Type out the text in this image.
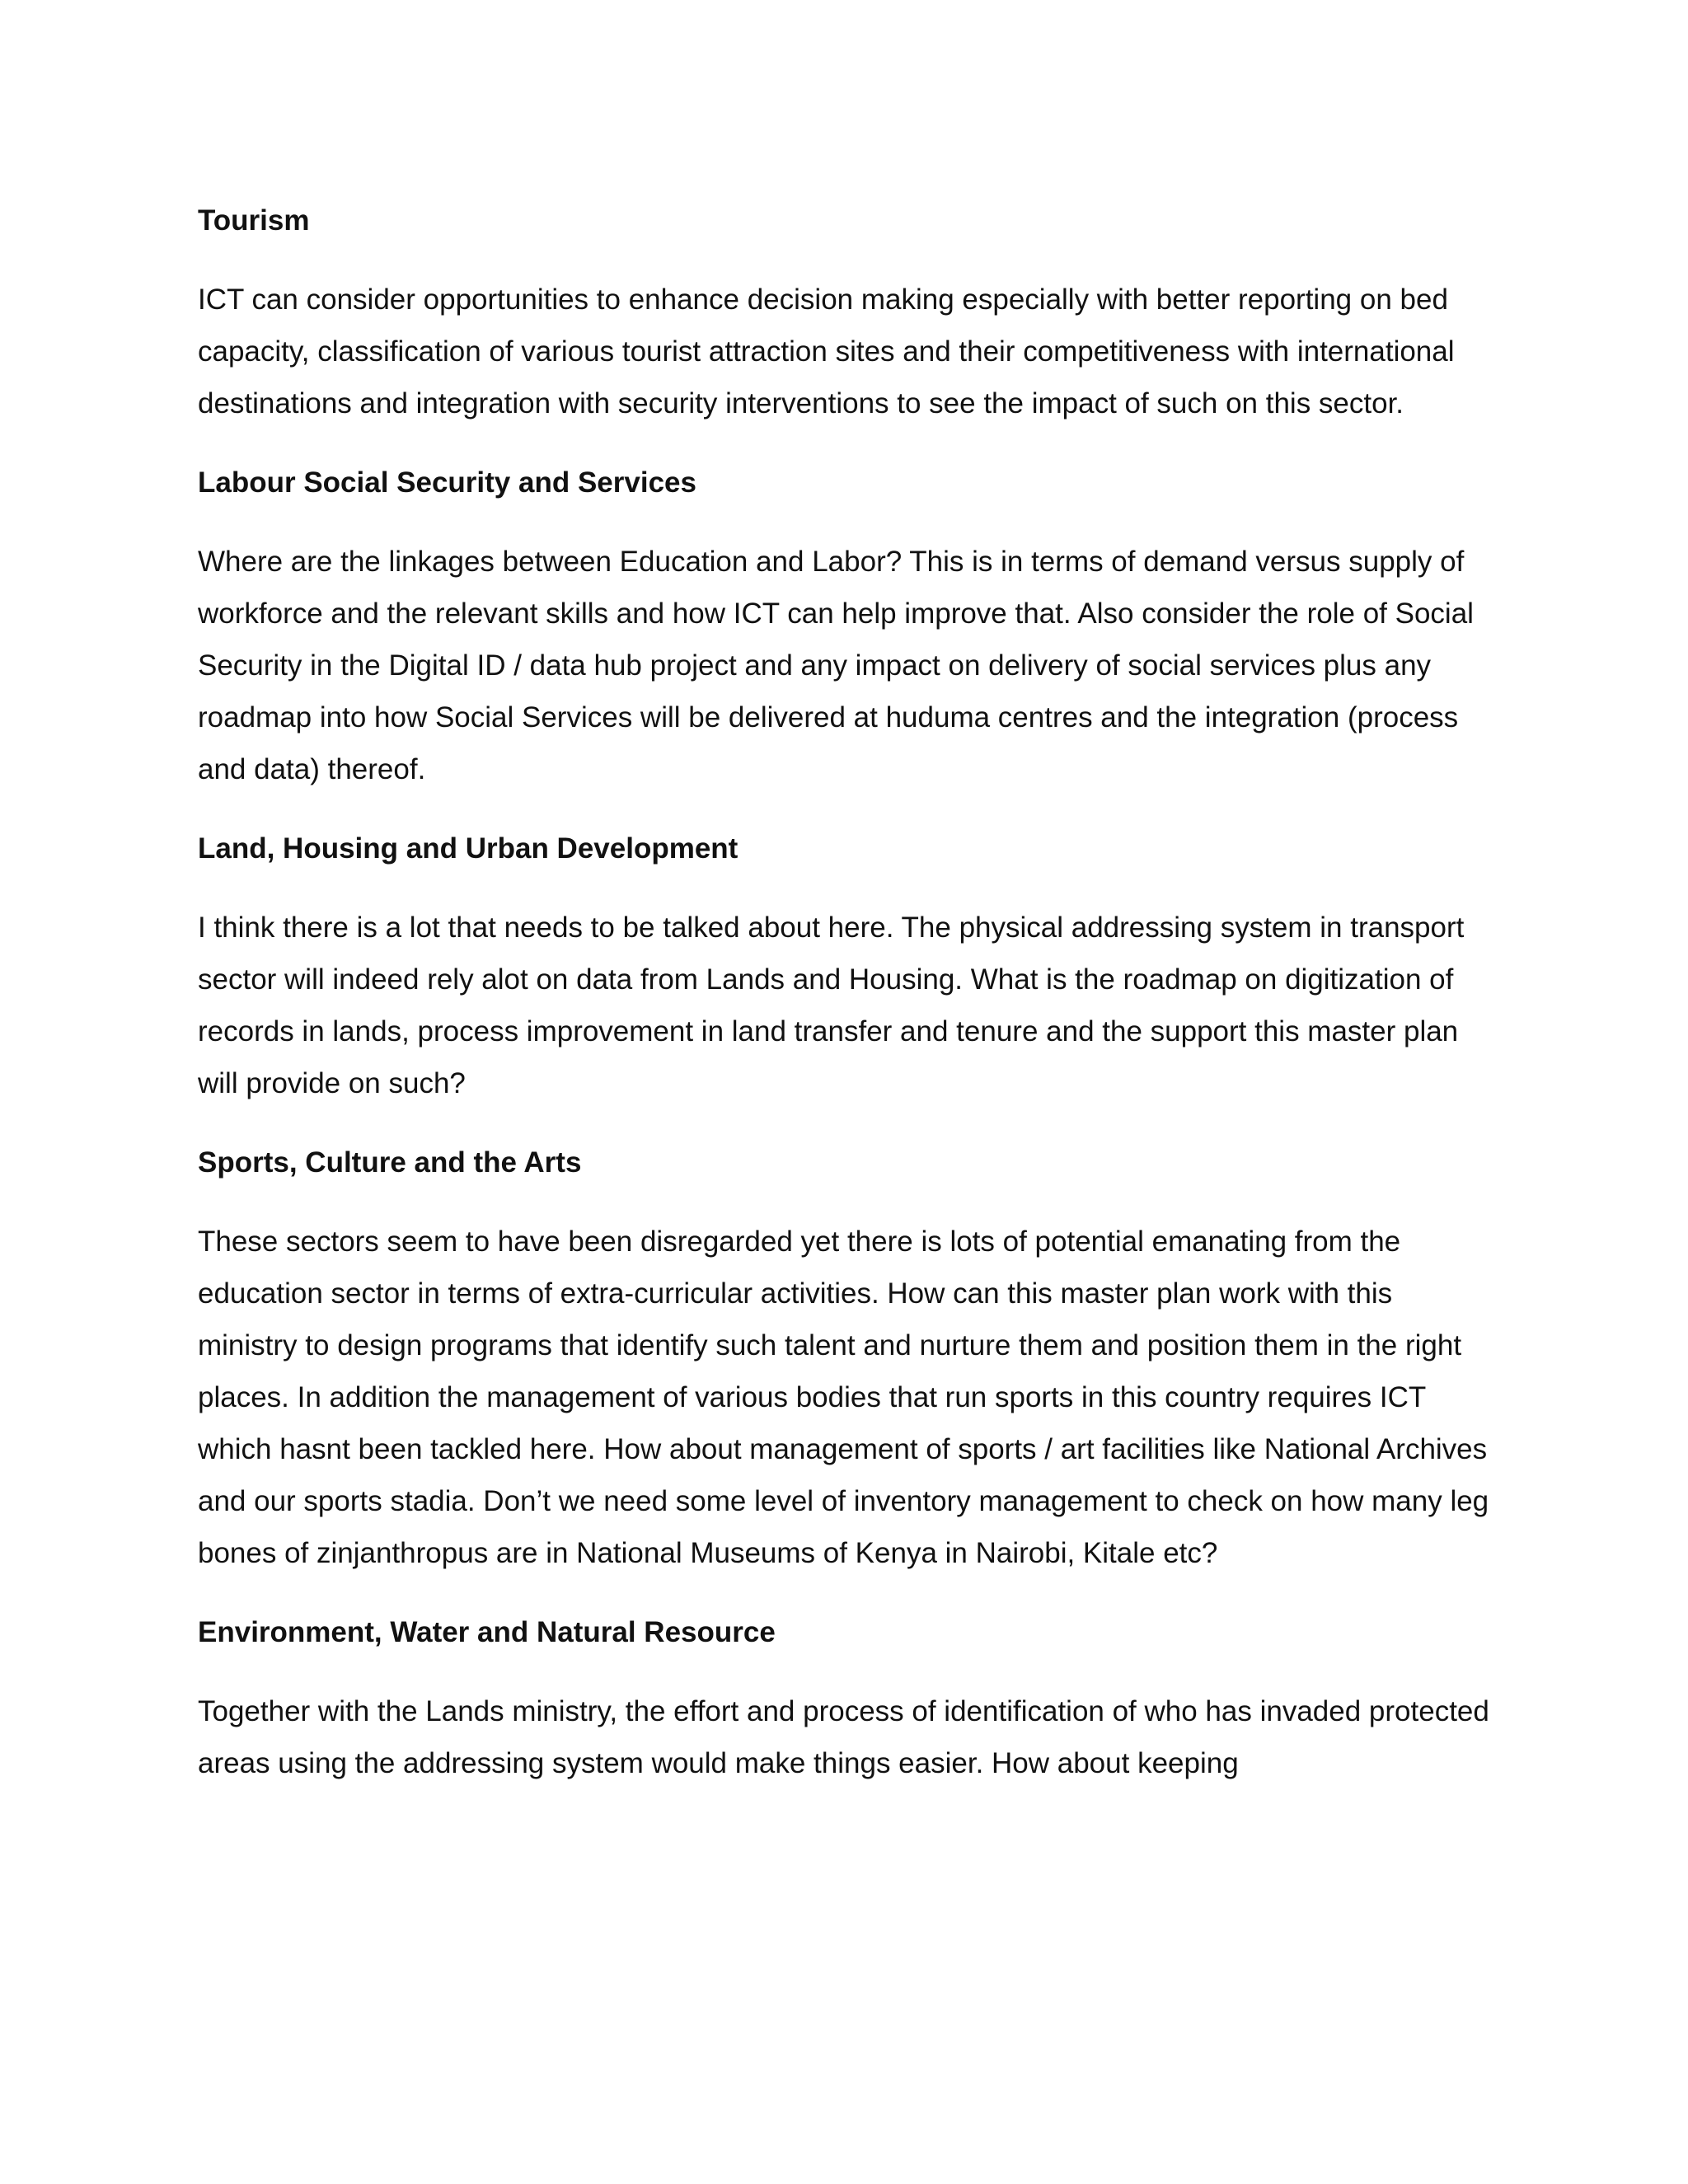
Tourism

ICT can consider opportunities to enhance decision making especially with better reporting on bed capacity, classification of various tourist attraction sites and their competitiveness with international destinations and integration with security interventions to see the impact of such on this sector.

Labour Social Security and Services

Where are the linkages between Education and Labor? This is in terms of demand versus supply of workforce and the relevant skills and how ICT can help improve that. Also consider the role of Social Security in the Digital ID / data hub project and any impact on delivery of social services plus any roadmap into how Social Services will be delivered at huduma centres and the integration (process and data) thereof.

Land, Housing and Urban Development

I think there is a lot that needs to be talked about here. The physical addressing system in transport sector will indeed rely alot on data from Lands and Housing. What is the roadmap on digitization of records in lands, process improvement in land transfer and tenure and the support this master plan will provide on such?

Sports, Culture and the Arts

These sectors seem to have been disregarded yet there is lots of potential emanating from the education sector in terms of extra-curricular activities. How can this master plan work with this ministry to design programs that identify such talent and nurture them and position them in the right places. In addition the management of various bodies that run sports in this country requires ICT which hasnt been tackled here. How about management of sports / art facilities like National Archives and our sports stadia. Don’t we need some level of inventory management to check on how many leg bones of zinjanthropus are in National Museums of Kenya in Nairobi, Kitale etc?

Environment, Water and Natural Resource

Together with the Lands ministry, the effort and process of identification of who has invaded protected areas using the addressing system would make things easier. How about keeping
